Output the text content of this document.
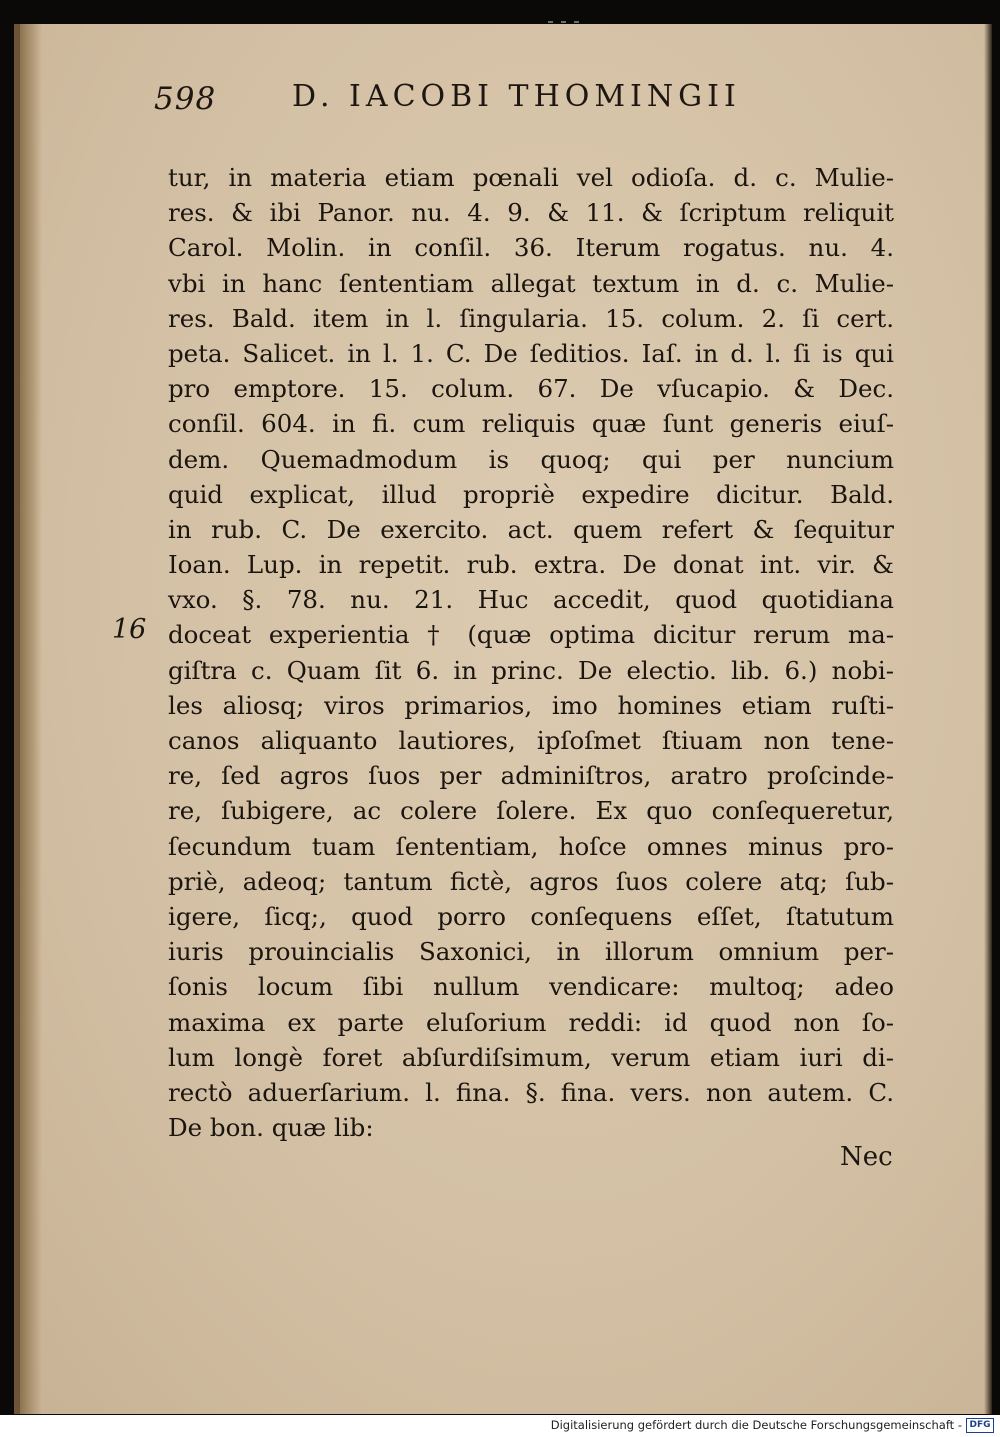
598	D. IACOBI THOMINGII
16
tur, in materia etiam pœnali vel odioſa. d. c. Mulie-
res. & ibi Panor. nu. 4. 9. & 11. & ſcriptum reliquit
Carol. Molin. in conſil. 36. Iterum rogatus. nu. 4.
vbi in hanc ſententiam allegat textum in d. c. Mulie-
res. Bald. item in l. ſingularia. 15. colum. 2. ſi cert.
peta. Salicet. in l. 1. C. De ſeditios. Iaſ. in d. l. ſi is qui
pro emptore. 15. colum. 67. De vſucapio. & Dec.
conſil. 604. in fi. cum reliquis quæ ſunt generis eiuſ-
dem. Quemadmodum is quoq; qui per nuncium
quid explicat, illud propriè expedire dicitur. Bald.
in rub. C. De exercito. act. quem refert & ſequitur
Ioan. Lup. in repetit. rub. extra. De donat int. vir. &
vxo. §. 78. nu. 21. Huc accedit, quod quotidiana
doceat experientia † (quæ optima dicitur rerum ma-
giſtra c. Quam ſit 6. in princ. De electio. lib. 6.) nobi-
les aliosq; viros primarios, imo homines etiam ruſti-
canos aliquanto lautiores, ipſoſmet ſtiuam non tene-
re, ſed agros ſuos per adminiſtros, aratro proſcinde-
re, ſubigere, ac colere ſolere. Ex quo conſequeretur,
ſecundum tuam ſententiam, hoſce omnes minus pro-
priè, adeoq; tantum fictè, agros ſuos colere atq; ſub-
igere, ſicq;, quod porro conſequens eſſet, ſtatutum
iuris prouincialis Saxonici, in illorum omnium per-
ſonis locum ſibi nullum vendicare: multoq; adeo
maxima ex parte eluſorium reddi: id quod non ſo-
lum longè foret abſurdiſsimum, verum etiam iuri di-
rectò aduerſarium. l. fina. §. fina. vers. non autem. C.
De bon. quæ lib:
Nec
Digitalisierung gefördert durch die Deutsche Forschungsgemeinschaft - DFG
